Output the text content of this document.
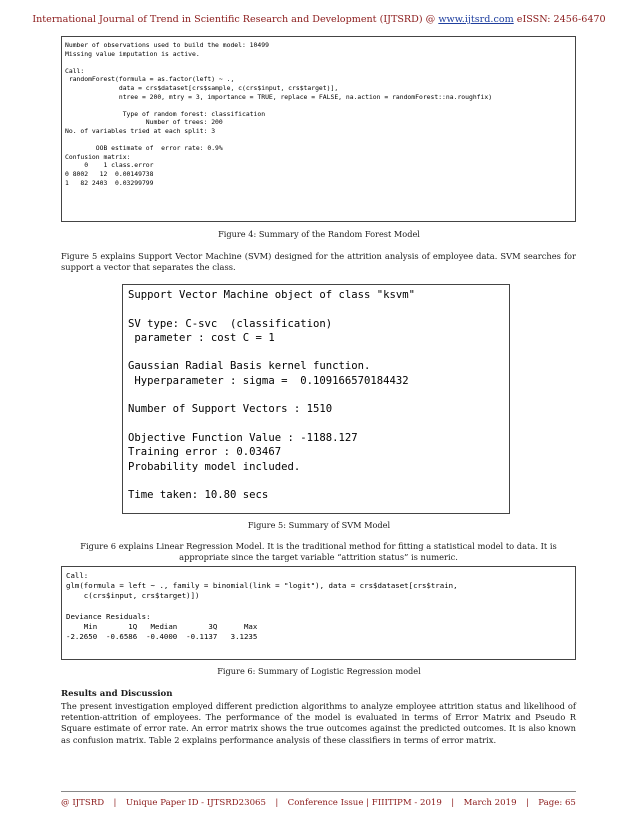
International Journal of Trend in Scientific Research and Development (IJTSRD) @ www.ijtsrd.com eISSN: 2456-6470
Number of observations used to build the model: 10499
Missing value imputation is active.

Call:
randomForest(formula = as.factor(left) ~ .,
data = crs$dataset[crs$sample, c(crs$input, crs$target)],
ntree = 200, mtry = 3, importance = TRUE, replace = FALSE, na.action = randomForest::na.roughfix)

Type of random forest: classification
Number of trees: 200
No. of variables tried at each split: 3

OOB estimate of  error rate: 0.9%
Confusion matrix:
0    1 class.error
0 8002   12  0.00149738
1   82 2403  0.03299799
Figure 4: Summary of the Random Forest Model

Figure 5 explains Support Vector Machine (SVM) designed for the attrition analysis of employee data. SVM searches for support a vector that separates the class.

Support Vector Machine object of class "ksvm"

SV type: C-svc  (classification)
parameter : cost C = 1

Gaussian Radial Basis kernel function.
Hyperparameter : sigma =  0.109166570184432

Number of Support Vectors : 1510

Objective Function Value : -1188.127
Training error : 0.03467
Probability model included.

Time taken: 10.80 secs
Figure 5: Summary of SVM Model

Figure 6 explains Linear Regression Model. It is the traditional method for fitting a statistical model to data. It is appropriate since the target variable “attrition status” is numeric.

Call:
glm(formula = left ~ ., family = binomial(link = "logit"), data = crs$dataset[crs$train,
c(crs$input, crs$target)])

Deviance Residuals:
Min       1Q   Median       3Q      Max
-2.2650  -0.6586  -0.4000  -0.1137   3.1235
Figure 6: Summary of Logistic Regression model

Results and Discussion

The present investigation employed different prediction algorithms to analyze employee attrition status and likelihood of retention-attrition of employees. The performance of the model is evaluated in terms of Error Matrix and Pseudo R Square estimate of error rate. An error matrix shows the true outcomes against the predicted outcomes. It is also known as confusion matrix. Table 2 explains performance analysis of these classifiers in terms of error matrix.

@ IJTSRD | Unique Paper ID - IJTSRD23065 | Conference Issue | FIIITIPM - 2019 | March 2019 | Page: 65
